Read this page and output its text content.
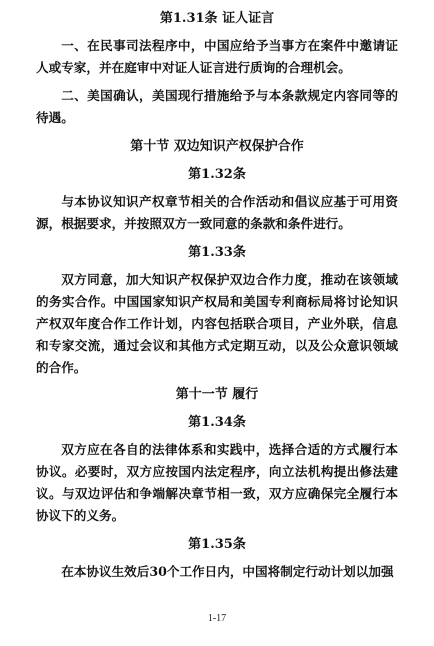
第1.31条 证人证言

一、在民事司法程序中，中国应给予当事方在案件中邀请证人或专家，并在庭审中对证人证言进行质询的合理机会。

二、美国确认，美国现行措施给予与本条款规定内容同等的待遇。

第十节 双边知识产权保护合作
第1.32条

与本协议知识产权章节相关的合作活动和倡议应基于可用资源，根据要求，并按照双方一致同意的条款和条件进行。

第1.33条

双方同意，加大知识产权保护双边合作力度，推动在该领域的务实合作。中国国家知识产权局和美国专利商标局将讨论知识产权双年度合作工作计划，内容包括联合项目，产业外联，信息和专家交流，通过会议和其他方式定期互动，以及公众意识领域的合作。

第十一节 履行
第1.34条

双方应在各自的法律体系和实践中，选择合适的方式履行本协议。必要时，双方应按国内法定程序，向立法机构提出修法建议。与双边评估和争端解决章节相一致，双方应确保完全履行本协议下的义务。

第1.35条

在本协议生效后30个工作日内，中国将制定行动计划以加强

1-17
